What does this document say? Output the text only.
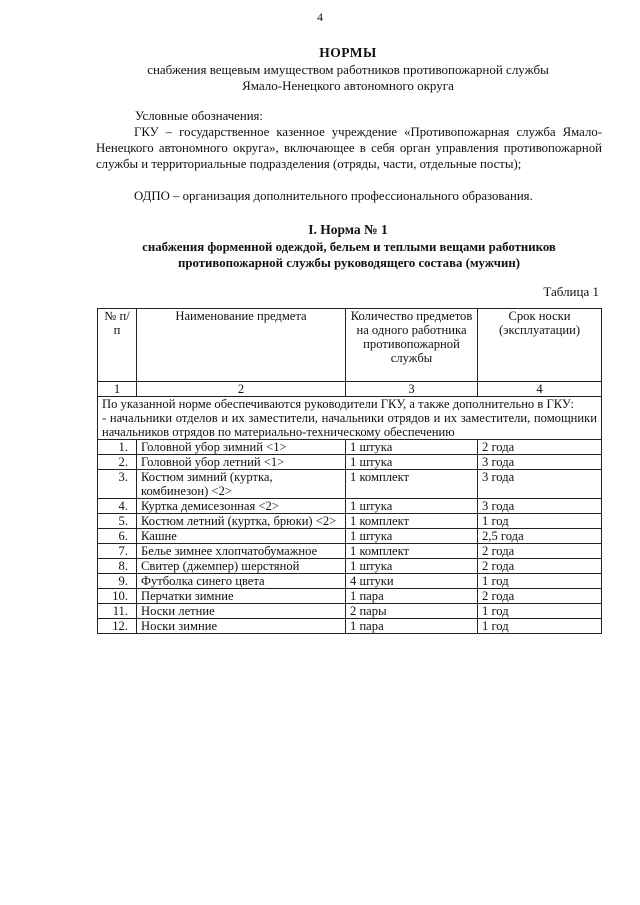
4
НОРМЫ
снабжения вещевым имуществом работников противопожарной службы
Ямало-Ненецкого автономного округа
Условные обозначения:
ГКУ – государственное казенное учреждение «Противопожарная служба Ямало-Ненецкого автономного округа», включающее в себя орган управления противопожарной службы и территориальные подразделения (отряды, части, отдельные посты);
ОДПО – организация дополнительного профессионального образования.
I. Норма № 1
снабжения форменной одеждой, бельем и теплыми вещами работников противопожарной службы руководящего состава (мужчин)
Таблица 1
№ п/п	Наименование предмета	Количество предметов на одного работника противопожарной службы	Срок носки (эксплуатации)
1	2	3	4

По указанной норме обеспечиваются руководители ГКУ, а также дополнительно в ГКУ:

- начальники отделов и их заместители, начальники отрядов и их заместители, помощники начальников отрядов по материально-техническому обеспечению			

1.	Головной убор зимний <1>	1 штука	2 года
2.	Головной убор летний <1>	1 штука	3 года
3.	Костюм зимний (куртка, комбинезон) <2>	1 комплект	3 года
4.	Куртка демисезонная <2>	1 штука	3 года
5.	Костюм летний (куртка, брюки) <2>	1 комплект	1 год
6.	Кашне	1 штука	2,5 года
7.	Белье зимнее хлопчатобумажное	1 комплект	2 года
8.	Свитер (джемпер) шерстяной	1 штука	2 года
9.	Футболка синего цвета	4 штуки	1 год
10.	Перчатки зимние	1 пара	2 года
11.	Носки летние	2 пары	1 год
12.	Носки зимние	1 пара	1 год
